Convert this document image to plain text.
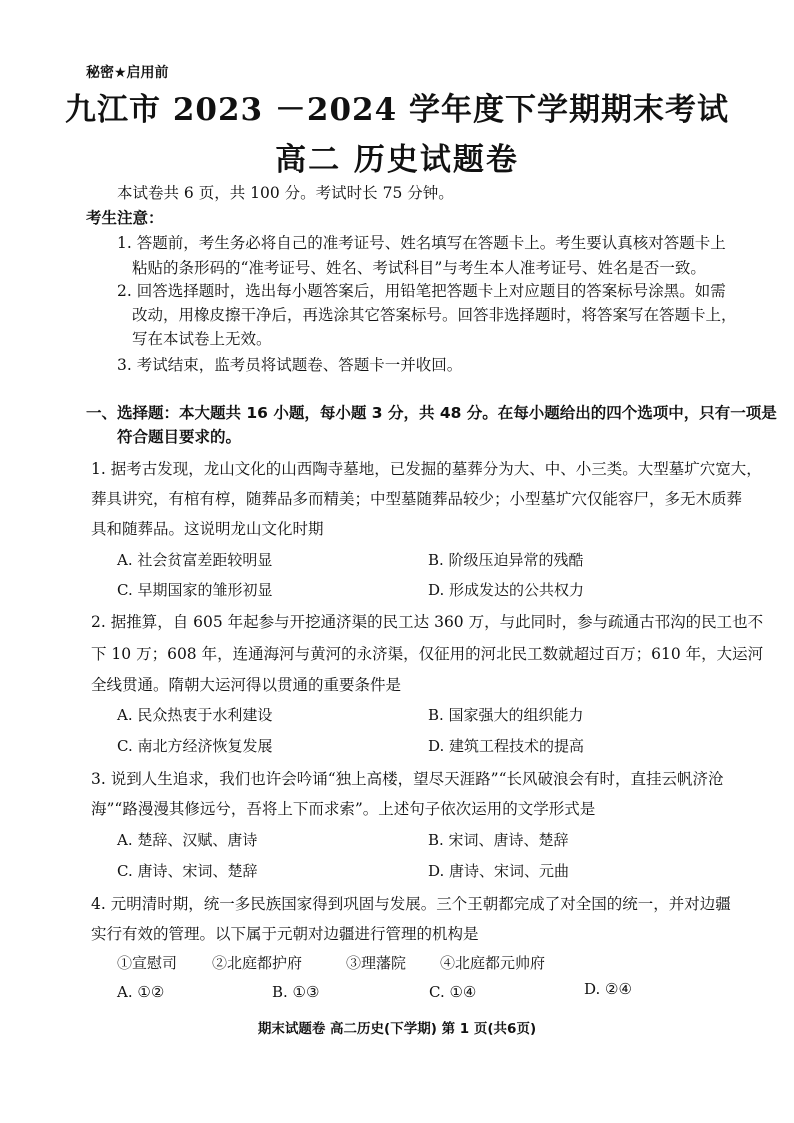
秘密★启用前
九江市 2023 －2024 学年度下学期期末考试
高二 历史试题卷
本试卷共 6 页，共 100 分。考试时长 75 分钟。
考生注意：
1. 答题前，考生务必将自己的准考证号、姓名填写在答题卡上。考生要认真核对答题卡上
粘贴的条形码的“准考证号、姓名、考试科目”与考生本人准考证号、姓名是否一致。
2. 回答选择题时，选出每小题答案后，用铅笔把答题卡上对应题目的答案标号涂黑。如需
改动，用橡皮擦干净后，再选涂其它答案标号。回答非选择题时，将答案写在答题卡上，
写在本试卷上无效。
3. 考试结束，监考员将试题卷、答题卡一并收回。
一、选择题：本大题共 16 小题，每小题 3 分，共 48 分。在每小题给出的四个选项中，只有一项是
符合题目要求的。
1. 据考古发现，龙山文化的山西陶寺墓地，已发掘的墓葬分为大、中、小三类。大型墓圹穴宽大，
葬具讲究，有棺有椁，随葬品多而精美；中型墓随葬品较少；小型墓圹穴仅能容尸，多无木质葬
具和随葬品。这说明龙山文化时期
A. 社会贫富差距较明显	B. 阶级压迫异常的残酷
C. 早期国家的雏形初显	D. 形成发达的公共权力
2. 据推算，自 605 年起参与开挖通济渠的民工达 360 万，与此同时，参与疏通古邗沟的民工也不
下 10 万；608 年，连通海河与黄河的永济渠，仅征用的河北民工数就超过百万；610 年，大运河
全线贯通。隋朝大运河得以贯通的重要条件是
A. 民众热衷于水利建设	B. 国家强大的组织能力
C. 南北方经济恢复发展	D. 建筑工程技术的提高
3. 说到人生追求，我们也许会吟诵“独上高楼，望尽天涯路”“长风破浪会有时，直挂云帆济沧
海”“路漫漫其修远兮，吾将上下而求索”。上述句子依次运用的文学形式是
A. 楚辞、汉赋、唐诗	B. 宋词、唐诗、楚辞
C. 唐诗、宋词、楚辞	D. 唐诗、宋词、元曲
4. 元明清时期，统一多民族国家得到巩固与发展。三个王朝都完成了对全国的统一，并对边疆
实行有效的管理。以下属于元朝对边疆进行管理的机构是
①宣慰司 ②北庭都护府	③理藩院 ④北庭都元帅府
A. ①②	B. ①③	C. ①④	D. ②④
期末试题卷 高二历史(下学期) 第 1 页(共6页)
